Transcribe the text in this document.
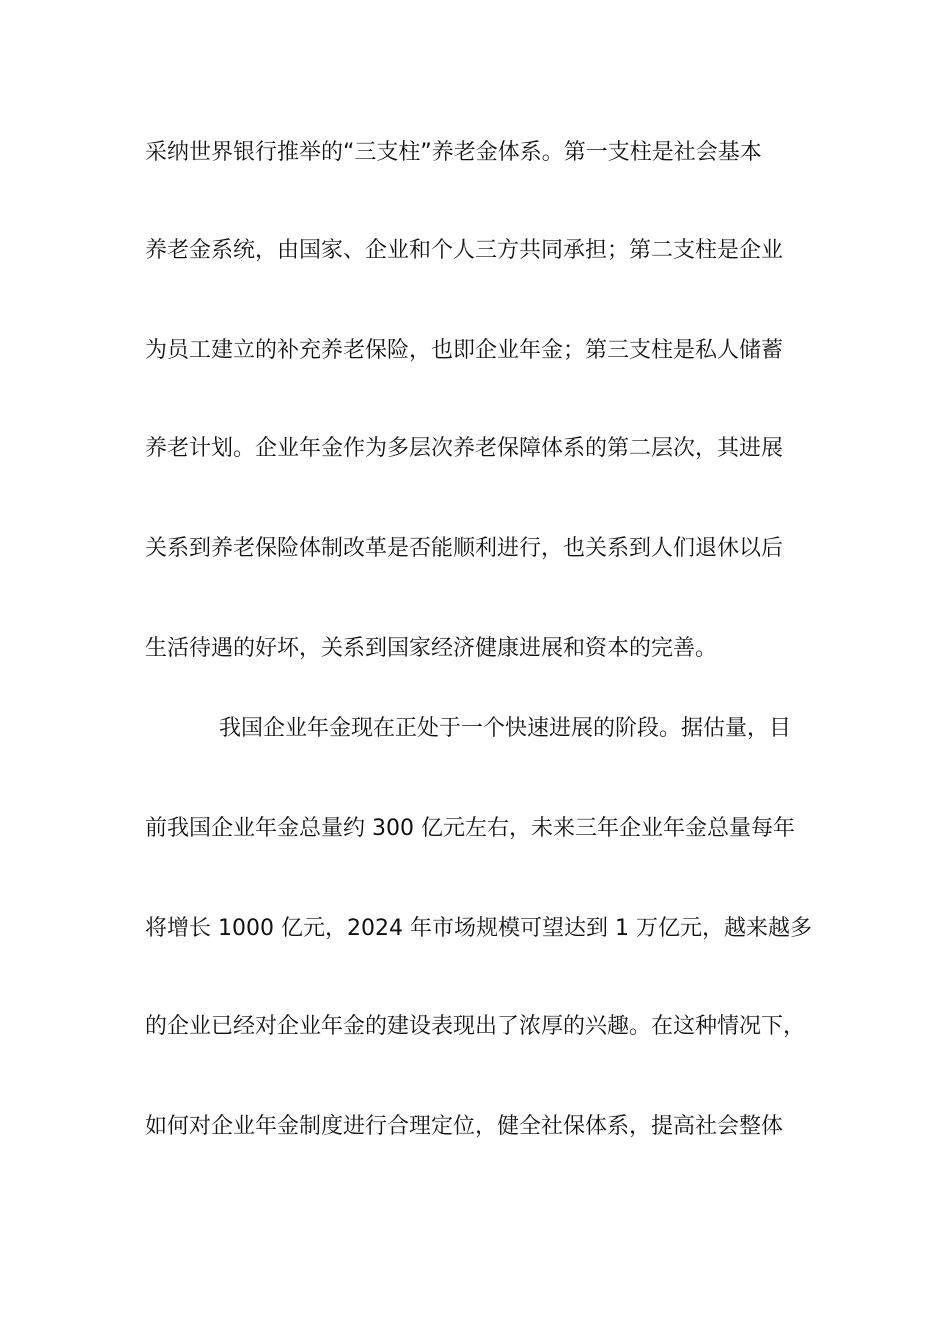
采纳世界银行推举的“三支柱”养老金体系。第一支柱是社会基本
养老金系统，由国家、企业和个人三方共同承担；第二支柱是企业
为员工建立的补充养老保险，也即企业年金；第三支柱是私人储蓄
养老计划。企业年金作为多层次养老保障体系的第二层次，其进展
关系到养老保险体制改革是否能顺利进行，也关系到人们退休以后
生活待遇的好坏，关系到国家经济健康进展和资本的完善。
我国企业年金现在正处于一个快速进展的阶段。据估量，目
前我国企业年金总量约 300 亿元左右，未来三年企业年金总量每年
将增长 1000 亿元，2024 年市场规模可望达到 1 万亿元，越来越多
的企业已经对企业年金的建设表现出了浓厚的兴趣。在这种情况下，
如何对企业年金制度进行合理定位，健全社保体系，提高社会整体
